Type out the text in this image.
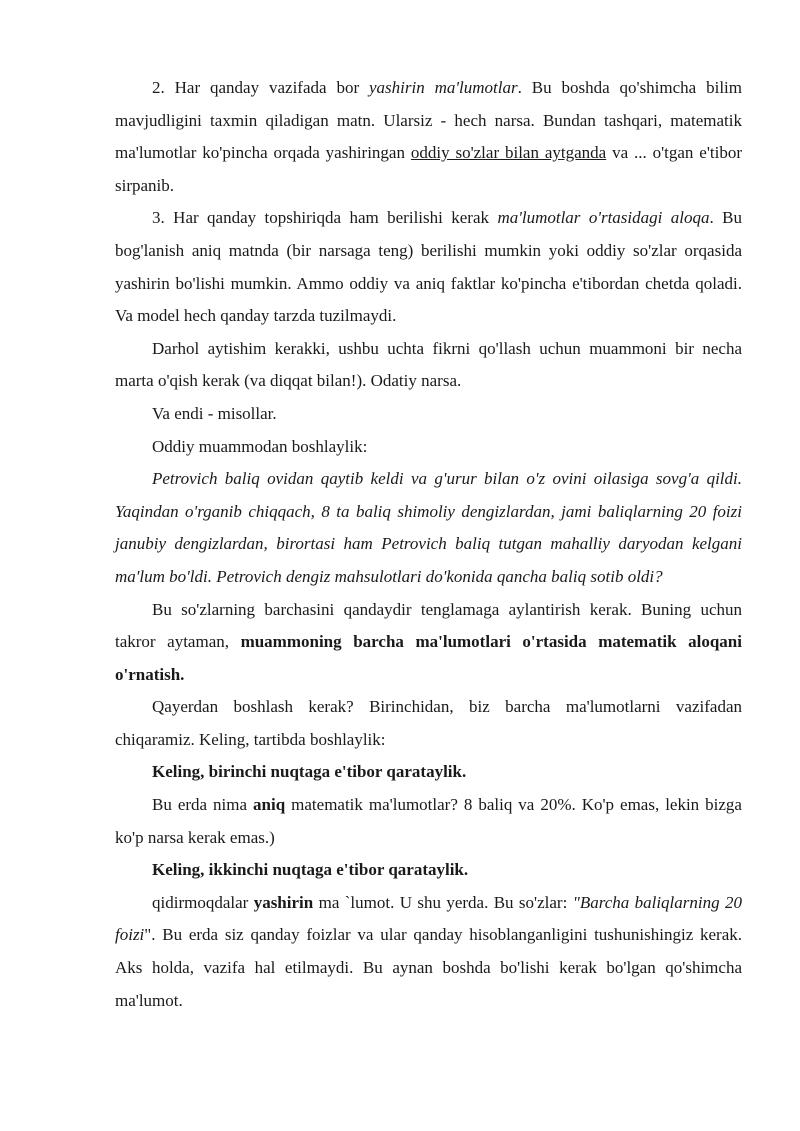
2. Har qanday vazifada bor yashirin ma'lumotlar. Bu boshda qo'shimcha bilim mavjudligini taxmin qiladigan matn. Ularsiz - hech narsa. Bundan tashqari, matematik ma'lumotlar ko'pincha orqada yashiringan oddiy so'zlar bilan aytganda va ... o'tgan e'tibor sirpanib.

3. Har qanday topshiriqda ham berilishi kerak ma'lumotlar o'rtasidagi aloqa. Bu bog'lanish aniq matnda (bir narsaga teng) berilishi mumkin yoki oddiy so'zlar orqasida yashirin bo'lishi mumkin. Ammo oddiy va aniq faktlar ko'pincha e'tibordan chetda qoladi. Va model hech qanday tarzda tuzilmaydi.

Darhol aytishim kerakki, ushbu uchta fikrni qo'llash uchun muammoni bir necha marta o'qish kerak (va diqqat bilan!). Odatiy narsa.

Va endi - misollar.

Oddiy muammodan boshlaylik:

Petrovich baliq ovidan qaytib keldi va g'urur bilan o'z ovini oilasiga sovg'a qildi. Yaqindan o'rganib chiqqach, 8 ta baliq shimoliy dengizlardan, jami baliqlarning 20 foizi janubiy dengizlardan, birortasi ham Petrovich baliq tutgan mahalliy daryodan kelgani ma'lum bo'ldi. Petrovich dengiz mahsulotlari do'konida qancha baliq sotib oldi?

Bu so'zlarning barchasini qandaydir tenglamaga aylantirish kerak. Buning uchun takror aytaman, muammoning barcha ma'lumotlari o'rtasida matematik aloqani o'rnatish.

Qayerdan boshlash kerak? Birinchidan, biz barcha ma'lumotlarni vazifadan chiqaramiz. Keling, tartibda boshlaylik:

Keling, birinchi nuqtaga e'tibor qarataylik.

Bu erda nima aniq matematik ma'lumotlar? 8 baliq va 20%. Ko'p emas, lekin bizga ko'p narsa kerak emas.)

Keling, ikkinchi nuqtaga e'tibor qarataylik.

qidirmoqdalar yashirin ma `lumot. U shu yerda. Bu so'zlar: "Barcha baliqlarning 20 foizi". Bu erda siz qanday foizlar va ular qanday hisoblanganligini tushunishingiz kerak. Aks holda, vazifa hal etilmaydi. Bu aynan boshda bo'lishi kerak bo'lgan qo'shimcha ma'lumot.
